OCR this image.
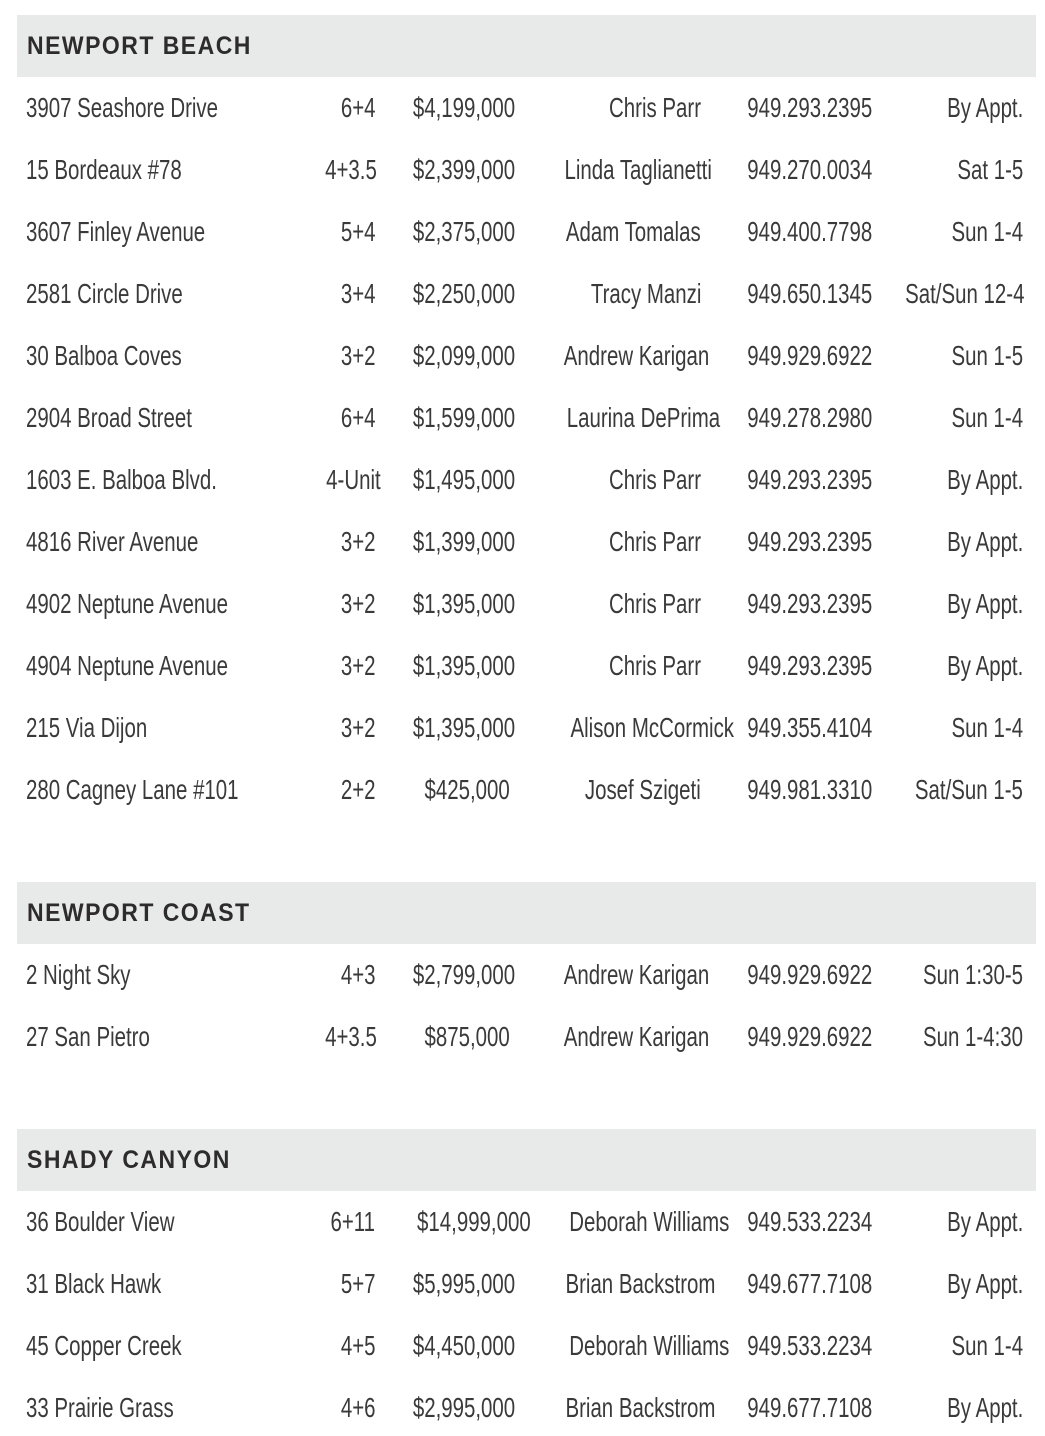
NEWPORT BEACH
3907 Seashore Drive	6+4	$4,199,000	Chris Parr	949.293.2395	By Appt.
15 Bordeaux #78	4+3.5	$2,399,000	Linda Taglianetti	949.270.0034	Sat 1-5
3607 Finley Avenue	5+4	$2,375,000	Adam Tomalas	949.400.7798	Sun 1-4
2581 Circle Drive	3+4	$2,250,000	Tracy Manzi	949.650.1345	Sat/Sun 12-4
30 Balboa Coves	3+2	$2,099,000	Andrew Karigan	949.929.6922	Sun 1-5
2904 Broad Street	6+4	$1,599,000	Laurina DePrima 949.278.2980	Sun 1-4
1603 E. Balboa Blvd.	4-Unit	$1,495,000	Chris Parr	949.293.2395	By Appt.
4816 River Avenue	3+2	$1,399,000	Chris Parr	949.293.2395	By Appt.
4902 Neptune Avenue	3+2	$1,395,000	Chris Parr	949.293.2395	By Appt.
4904 Neptune Avenue	3+2	$1,395,000	Chris Parr	949.293.2395	By Appt.
215 Via Dijon	3+2	$1,395,000	Alison McCormick 949.355.4104	Sun 1-4
280 Cagney Lane #101	2+2	$425,000	Josef Szigeti	949.981.3310	Sat/Sun 1-5
NEWPORT COAST
2 Night Sky	4+3	$2,799,000	Andrew Karigan	949.929.6922	Sun 1:30-5
27 San Pietro	4+3.5	$875,000	Andrew Karigan	949.929.6922	Sun 1-4:30
SHADY CANYON
36 Boulder View	6+11	$14,999,000	Deborah Williams 949.533.2234	By Appt.
31 Black Hawk	5+7	$5,995,000	Brian Backstrom	949.677.7108	By Appt.
45 Copper Creek	4+5	$4,450,000	Deborah Williams 949.533.2234	Sun 1-4
33 Prairie Grass	4+6	$2,995,000	Brian Backstrom	949.677.7108	By Appt.
